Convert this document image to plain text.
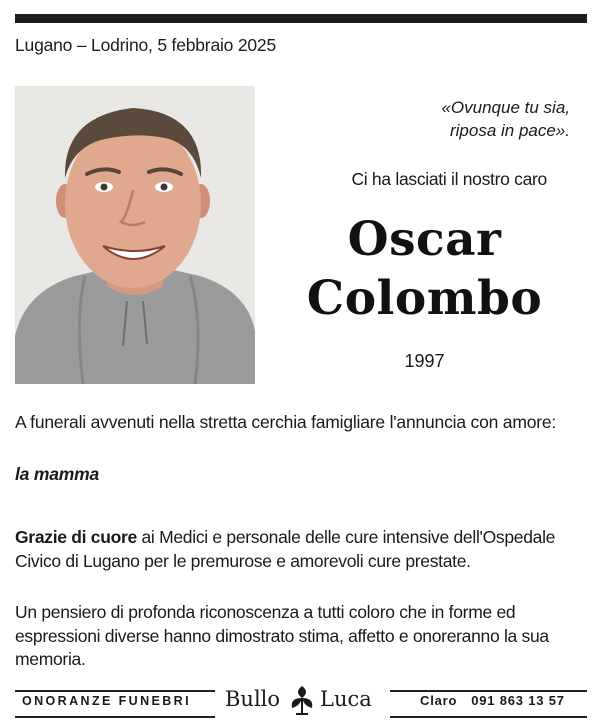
Lugano – Lodrino, 5 febbraio 2025
«Ovunque tu sia,
riposa in pace».
Ci ha lasciati il nostro caro
Oscar
Colombo
1997
A funerali avvenuti nella stretta cerchia famigliare l'annuncia con amore:
la mamma
Grazie di cuore ai Medici e personale delle cure intensive dell'Ospedale Civico di Lugano per le premurose e amorevoli cure prestate.
Un pensiero di profonda riconoscenza a tutti coloro che in forme ed espressioni diverse hanno dimostrato stima, affetto e onoreranno la sua memoria.
ONORANZE FUNEBRI	Bullo Luca	Claro 091 863 13 57
